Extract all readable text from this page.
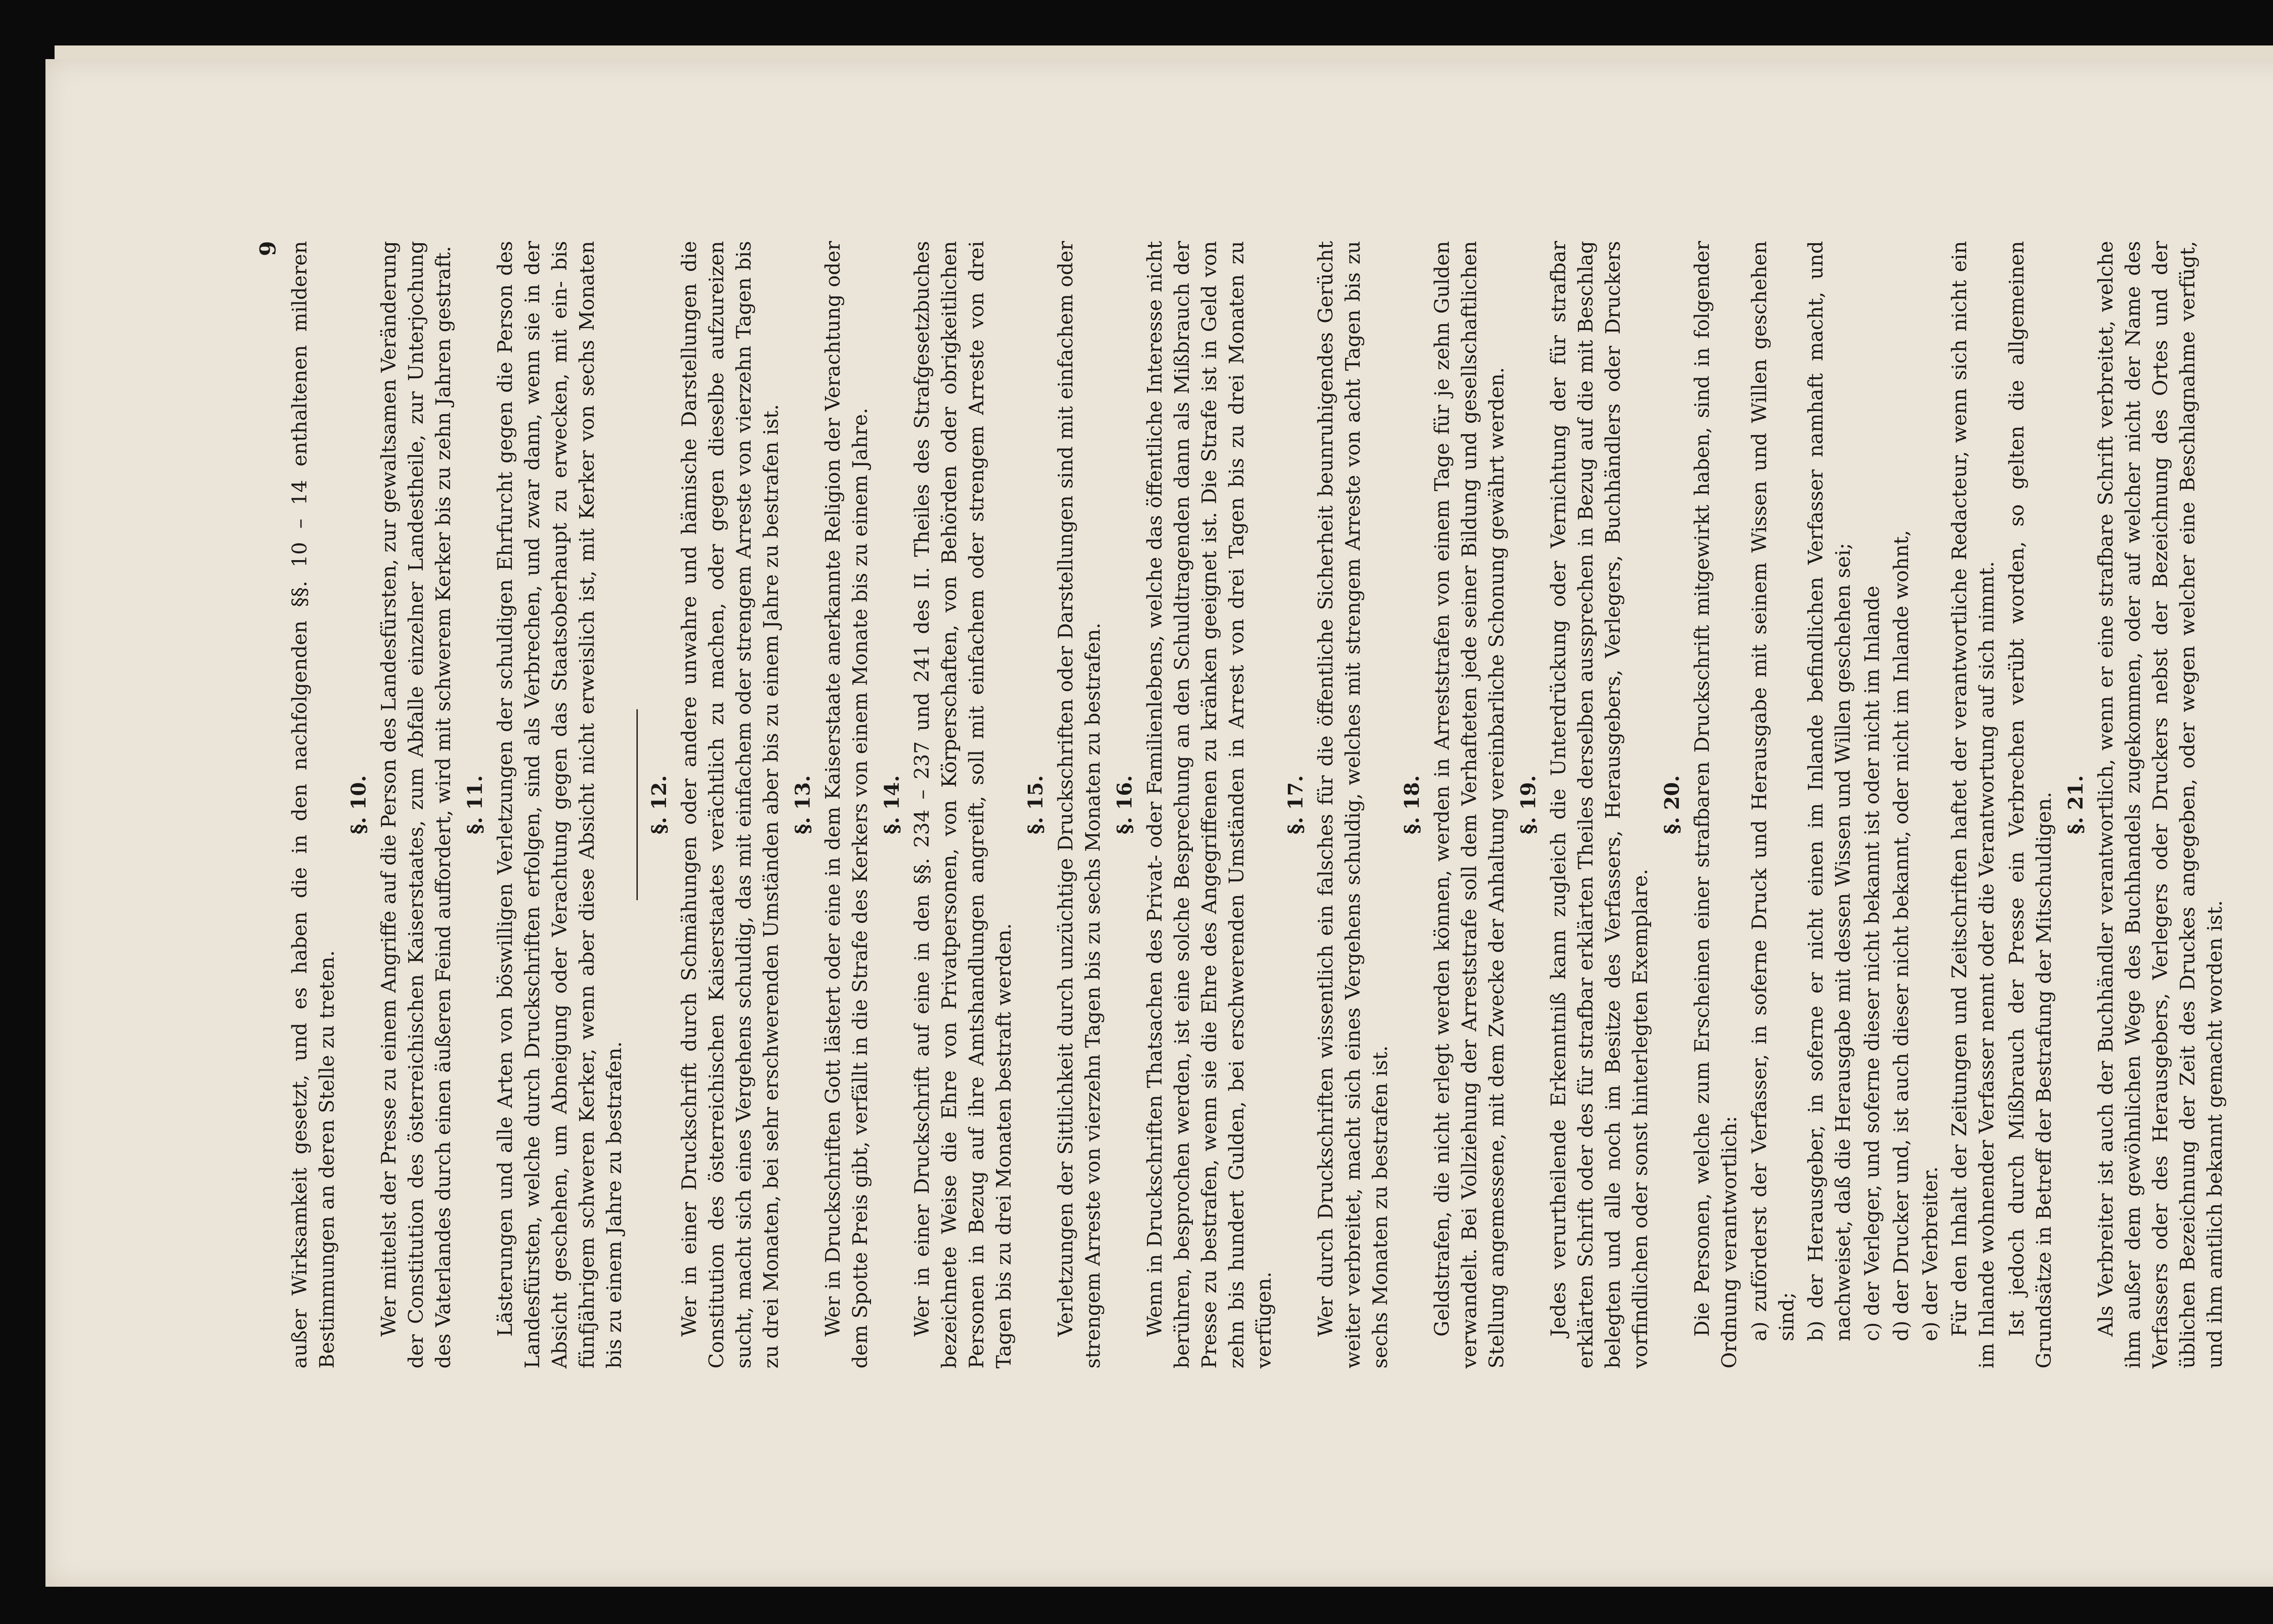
9 außer Wirksamkeit gesetzt, und es haben die in den nachfolgenden §§. 10 – 14 enthaltenen milderen Bestimmungen an deren Stelle zu treten.

§. 10. Wer mittelst der Presse zu einem Angriffe auf die Person des Landesfürsten, zur gewaltsamen Veränderung der Constitution des österreichischen Kaiserstaates, zum Abfalle einzelner Landestheile, zur Unterjochung des Vaterlandes durch einen äußeren Feind auffordert, wird mit schwerem Kerker bis zu zehn Jahren gestraft. §. 11. Lästerungen und alle Arten von böswilligen Verletzungen der schuldigen Ehrfurcht gegen die Person des Landesfürsten, welche durch Druckschriften erfolgen, sind als Verbrechen, und zwar dann, wenn sie in der Absicht geschehen, um Abneigung oder Verachtung gegen das Staatsoberhaupt zu erwecken, mit ein- bis fünfjährigem schweren Kerker, wenn aber diese Absicht nicht erweislich ist, mit Kerker von sechs Monaten bis zu einem Jahre zu bestrafen.

§. 12. Wer in einer Druckschrift durch Schmähungen oder andere unwahre und hämische Darstellungen die Constitution des österreichischen Kaiserstaates verächtlich zu machen, oder gegen dieselbe aufzureizen sucht, macht sich eines Vergehens schuldig, das mit einfachem oder strengem Arreste von vierzehn Tagen bis zu drei Monaten, bei sehr erschwerenden Umständen aber bis zu einem Jahre zu bestrafen ist. §. 13. Wer in Druckschriften Gott lästert oder eine in dem Kaiserstaate anerkannte Religion der Verachtung oder dem Spotte Preis gibt, verfällt in die Strafe des Kerkers von einem Monate bis zu einem Jahre. §. 14. Wer in einer Druckschrift auf eine in den §§. 234 – 237 und 241 des II. Theiles des Strafgesetzbuches bezeichnete Weise die Ehre von Privatpersonen, von Körperschaften, von Behörden oder obrigkeitlichen Personen in Bezug auf ihre Amtshandlungen angreift, soll mit einfachem oder strengem Arreste von drei Tagen bis zu drei Monaten bestraft werden.

§. 15. Verletzungen der Sittlichkeit durch unzüchtige Druckschriften oder Darstellungen sind mit einfachem oder strengem Arreste von vierzehn Tagen bis zu sechs Monaten zu bestrafen. §. 16. Wenn in Druckschriften Thatsachen des Privat- oder Familienlebens, welche das öffentliche Interesse nicht berühren, besprochen werden, ist eine solche Besprechung an den Schuldtragenden dann als Mißbrauch der Presse zu bestrafen, wenn sie die Ehre des Angegriffenen zu kränken geeignet ist. Die Strafe ist in Geld von zehn bis hundert Gulden, bei erschwerenden Umständen in Arrest von drei Tagen bis zu drei Monaten zu verfügen.

§. 17. Wer durch Druckschriften wissentlich ein falsches für die öffentliche Sicherheit beunruhigendes Gerücht weiter verbreitet, macht sich eines Vergehens schuldig, welches mit strengem Arreste von acht Tagen bis zu sechs Monaten zu bestrafen ist.

§. 18. Geldstrafen, die nicht erlegt werden können, werden in Arreststrafen von einem Tage für je zehn Gulden verwandelt. Bei Vollziehung der Arreststrafe soll dem Verhafteten jede seiner Bildung und gesellschaftlichen Stellung angemessene, mit dem Zwecke der Anhaltung vereinbarliche Schonung gewährt werden. §. 19. Jedes verurtheilende Erkenntniß kann zugleich die Unterdrückung oder Vernichtung der für strafbar erklärten Schrift oder des für strafbar erklärten Theiles derselben aussprechen in Bezug auf die mit Beschlag belegten und alle noch im Besitze des Verfassers, Herausgebers, Verlegers, Buchhändlers oder Druckers vorfindlichen oder sonst hinterlegten Exemplare.

§. 20. Die Personen, welche zum Erscheinen einer strafbaren Druckschrift mitgewirkt haben, sind in folgender Ordnung verantwortlich: a) zuförderst der Verfasser, in soferne Druck und Herausgabe mit seinem Wissen und Willen geschehen sind; b) der Herausgeber, in soferne er nicht einen im Inlande befindlichen Verfasser namhaft macht, und nachweiset, daß die Herausgabe mit dessen Wissen und Willen geschehen sei; c) der Verleger, und soferne dieser nicht bekannt ist oder nicht im Inlande d) der Drucker und, ist auch dieser nicht bekannt, oder nicht im Inlande wohnt, e) der Verbreiter. Für den Inhalt der Zeitungen und Zeitschriften haftet der verantwortliche Redacteur, wenn sich nicht ein im Inlande wohnender Verfasser nennt oder die Verantwortung auf sich nimmt. Ist jedoch durch Mißbrauch der Presse ein Verbrechen verübt worden, so gelten die allgemeinen Grundsätze in Betreff der Bestrafung der Mitschuldigen. §. 21. Als Verbreiter ist auch der Buchhändler verantwortlich, wenn er eine strafbare Schrift verbreitet, welche ihm außer dem gewöhnlichen Wege des Buchhandels zugekommen, oder auf welcher nicht der Name des Verfassers oder des Herausgebers, Verlegers oder Druckers nebst der Bezeichnung des Ortes und der üblichen Bezeichnung der Zeit des Druckes angegeben, oder wegen welcher eine Beschlagnahme verfügt, und ihm amtlich bekannt gemacht worden ist.
